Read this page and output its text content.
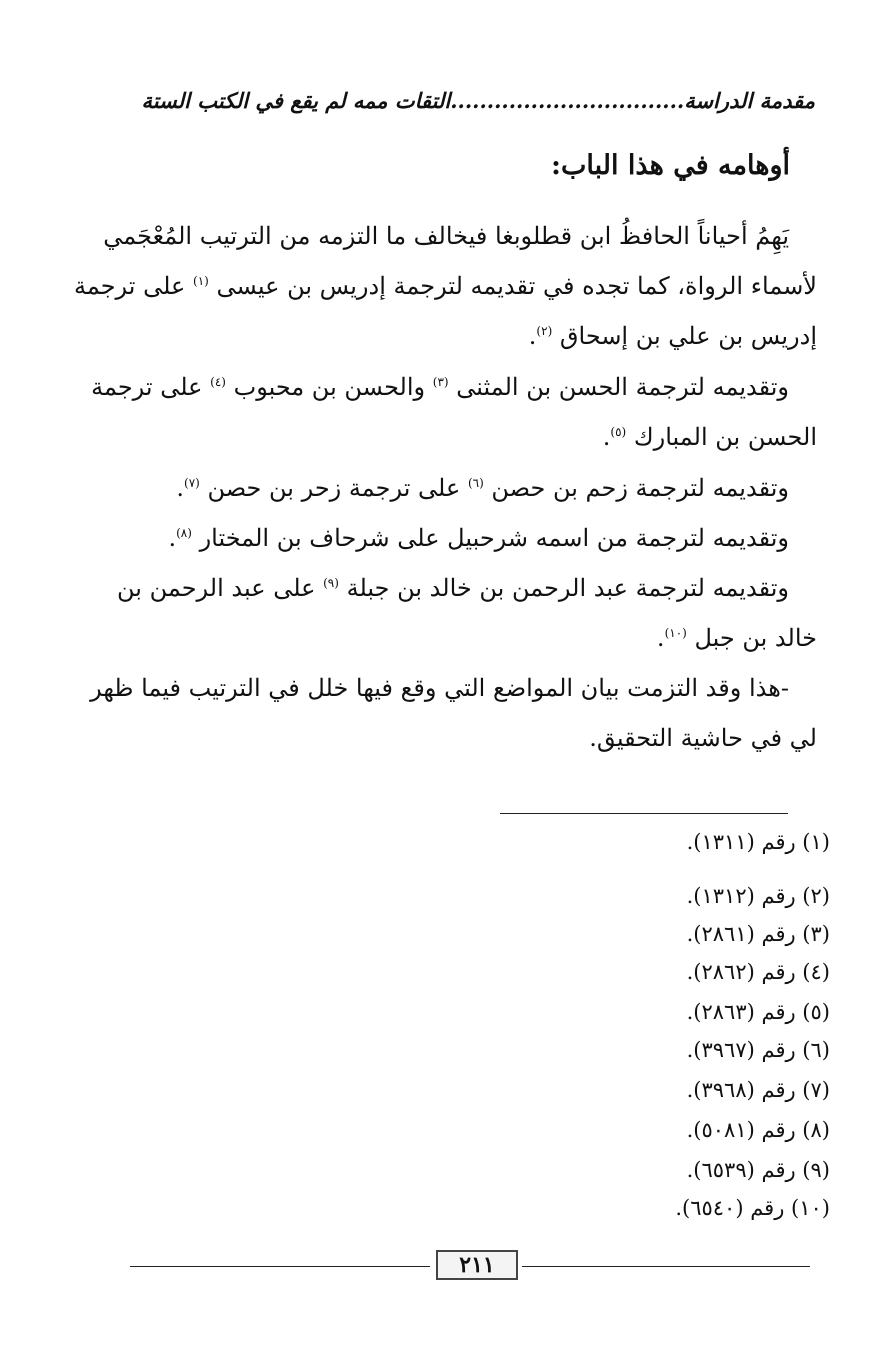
مقدمة الدراسة................................التقات ممه لم يقع في الكتب الستة
أوهامه في هذا الباب:
يَهِمُ أحياناً الحافظُ ابن قطلوبغا فيخالف ما التزمه من الترتيب المُعْجَمي
لأسماء الرواة، كما تجده في تقديمه لترجمة إدريس بن عيسى $^{(١)}$ على ترجمة
إدريس بن علي بن إسحاق $^{(٢)}$.
وتقديمه لترجمة الحسن بن المثنى $^{(٣)}$ والحسن بن محبوب $^{(٤)}$ على ترجمة
الحسن بن المبارك $^{(٥)}$.
وتقديمه لترجمة زحم بن حصن $^{(٦)}$ على ترجمة زحر بن حصن $^{(٧)}$.
وتقديمه لترجمة من اسمه شرحبيل على شرحاف بن المختار $^{(٨)}$.
وتقديمه لترجمة عبد الرحمن بن خالد بن جبلة $^{(٩)}$ على عبد الرحمن بن
خالد بن جبل $^{(١٠)}$.
-هذا وقد التزمت بيان المواضع التي وقع فيها خلل في الترتيب فيما ظهر
لي في حاشية التحقيق.
(١) رقم (١٣١١).
(٢) رقم (١٣١٢).
(٣) رقم (٢٨٦١).
(٤) رقم (٢٨٦٢).
(٥) رقم (٢٨٦٣).
(٦) رقم (٣٩٦٧).
(٧) رقم (٣٩٦٨).
(٨) رقم (٥٠٨١).
(٩) رقم (٦٥٣٩).
(١٠) رقم (٦٥٤٠).
٢١١
